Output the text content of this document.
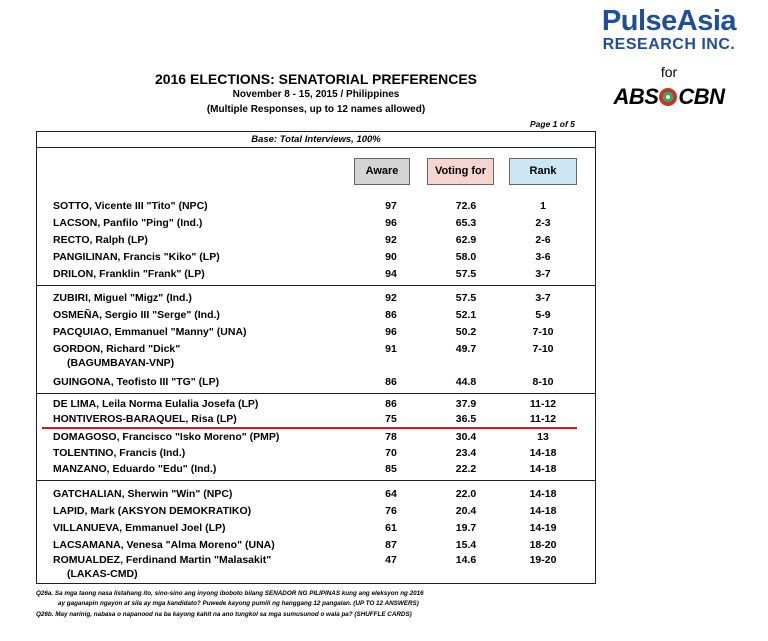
PulseAsia
RESEARCH INC.
for
ABS CBN
2016 ELECTIONS: SENATORIAL PREFERENCES
November 8 - 15, 2015 / Philippines
(Multiple Responses, up to 12 names allowed)
Page 1 of 5
Base: Total Interviews, 100%
Aware	Voting for	Rank
SOTTO, Vicente III "Tito" (NPC)	97	72.6	1
LACSON, Panfilo "Ping" (Ind.)	96	65.3	2-3
RECTO, Ralph (LP)	92	62.9	2-6
PANGILINAN, Francis "Kiko" (LP)	90	58.0	3-6
DRILON, Franklin "Frank" (LP)	94	57.5	3-7
ZUBIRI, Miguel "Migz" (Ind.)	92	57.5	3-7
OSMEÑA, Sergio III "Serge" (Ind.)	86	52.1	5-9
PACQUIAO, Emmanuel "Manny" (UNA)	96	50.2	7-10
GORDON, Richard "Dick"
(BAGUMBAYAN-VNP)
91	49.7	7-10
GUINGONA, Teofisto III "TG" (LP)	86	44.8	8-10
DE LIMA, Leila Norma Eulalia Josefa (LP)	86	37.9	11-12
HONTIVEROS-BARAQUEL, Risa (LP)	75	36.5	11-12
DOMAGOSO, Francisco "Isko Moreno" (PMP)	78	30.4	13
TOLENTINO, Francis (Ind.)	70	23.4	14-18
MANZANO, Eduardo "Edu" (Ind.)	85	22.2	14-18
GATCHALIAN, Sherwin "Win" (NPC)	64	22.0	14-18
LAPID, Mark (AKSYON DEMOKRATIKO)	76	20.4	14-18
VILLANUEVA, Emmanuel Joel (LP)	61	19.7	14-19
LACSAMANA, Venesa "Alma Moreno" (UNA)	87	15.4	18-20
ROMUALDEZ, Ferdinand Martin "Malasakit"
(LAKAS-CMD)
47	14.6	19-20
Q26a. Sa mga taong nasa listahang ito, sino-sino ang inyong iboboto bilang SENADOR NG PILIPINAS kung ang eleksyon ng 2016
ay gaganapin ngayon at sila ay mga kandidato? Puwede kayong pumili ng hanggang 12 pangalan. (UP TO 12 ANSWERS)
Q26b. May narinig, nabasa o napanood na ba kayong kahit na ano tungkol sa mga sumusunod o wala pa? (SHUFFLE CARDS)
